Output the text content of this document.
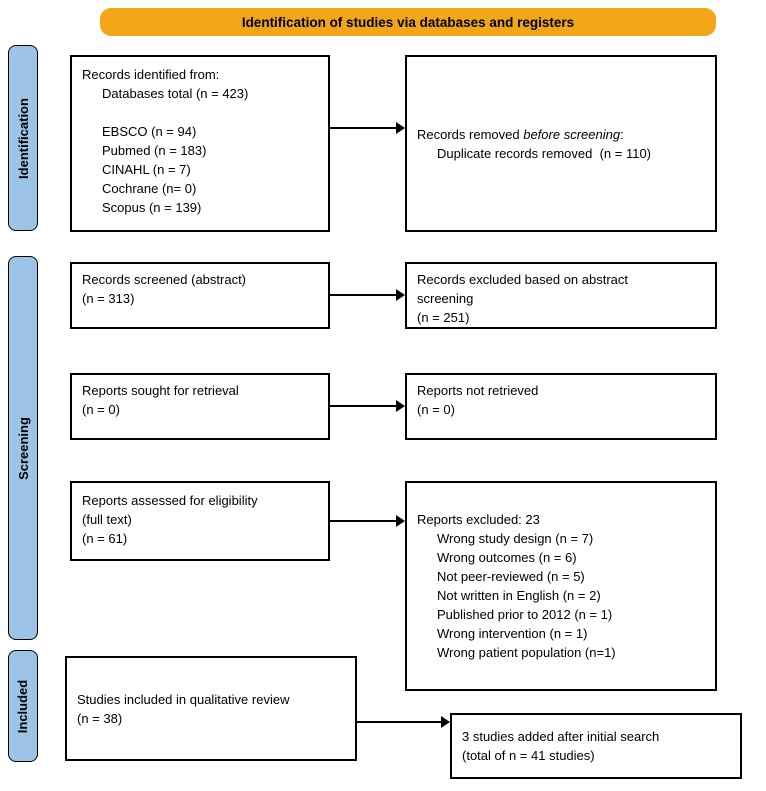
Identification of studies via databases and registers
Identification
Screening
Included
Records identified from:
Databases total (n = 423)
EBSCO (n = 94)
Pubmed (n = 183)
CINAHL (n = 7)
Cochrane (n= 0)
Scopus (n = 139)
Records removed before screening:
Duplicate records removed  (n = 110)
Records screened (abstract)
(n = 313)
Records excluded based on abstract screening
(n = 251)
Reports sought for retrieval
(n = 0)
Reports not retrieved
(n = 0)
Reports assessed for eligibility
(full text)
(n = 61)
Reports excluded: 23
Wrong study design (n = 7)
Wrong outcomes (n = 6)
Not peer-reviewed (n = 5)
Not written in English (n = 2)
Published prior to 2012 (n = 1)
Wrong intervention (n = 1)
Wrong patient population (n=1)
Studies included in qualitative review
(n = 38)
3 studies added after initial search
(total of n = 41 studies)
